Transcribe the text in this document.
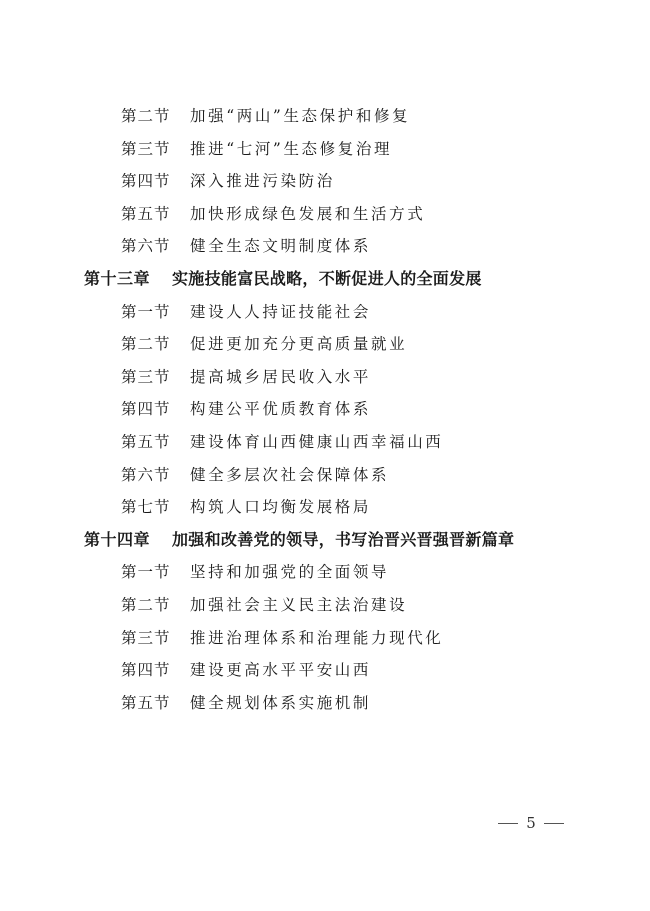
第二节 加强“两山”生态保护和修复
第三节 推进“七河”生态修复治理
第四节 深入推进污染防治
第五节 加快形成绿色发展和生活方式
第六节 健全生态文明制度体系
第十三章 实施技能富民战略，不断促进人的全面发展
第一节 建设人人持证技能社会
第二节 促进更加充分更高质量就业
第三节 提高城乡居民收入水平
第四节 构建公平优质教育体系
第五节 建设体育山西健康山西幸福山西
第六节 健全多层次社会保障体系
第七节 构筑人口均衡发展格局
第十四章 加强和改善党的领导，书写治晋兴晋强晋新篇章
第一节 坚持和加强党的全面领导
第二节 加强社会主义民主法治建设
第三节 推进治理体系和治理能力现代化
第四节 建设更高水平平安山西
第五节 健全规划体系实施机制
5
